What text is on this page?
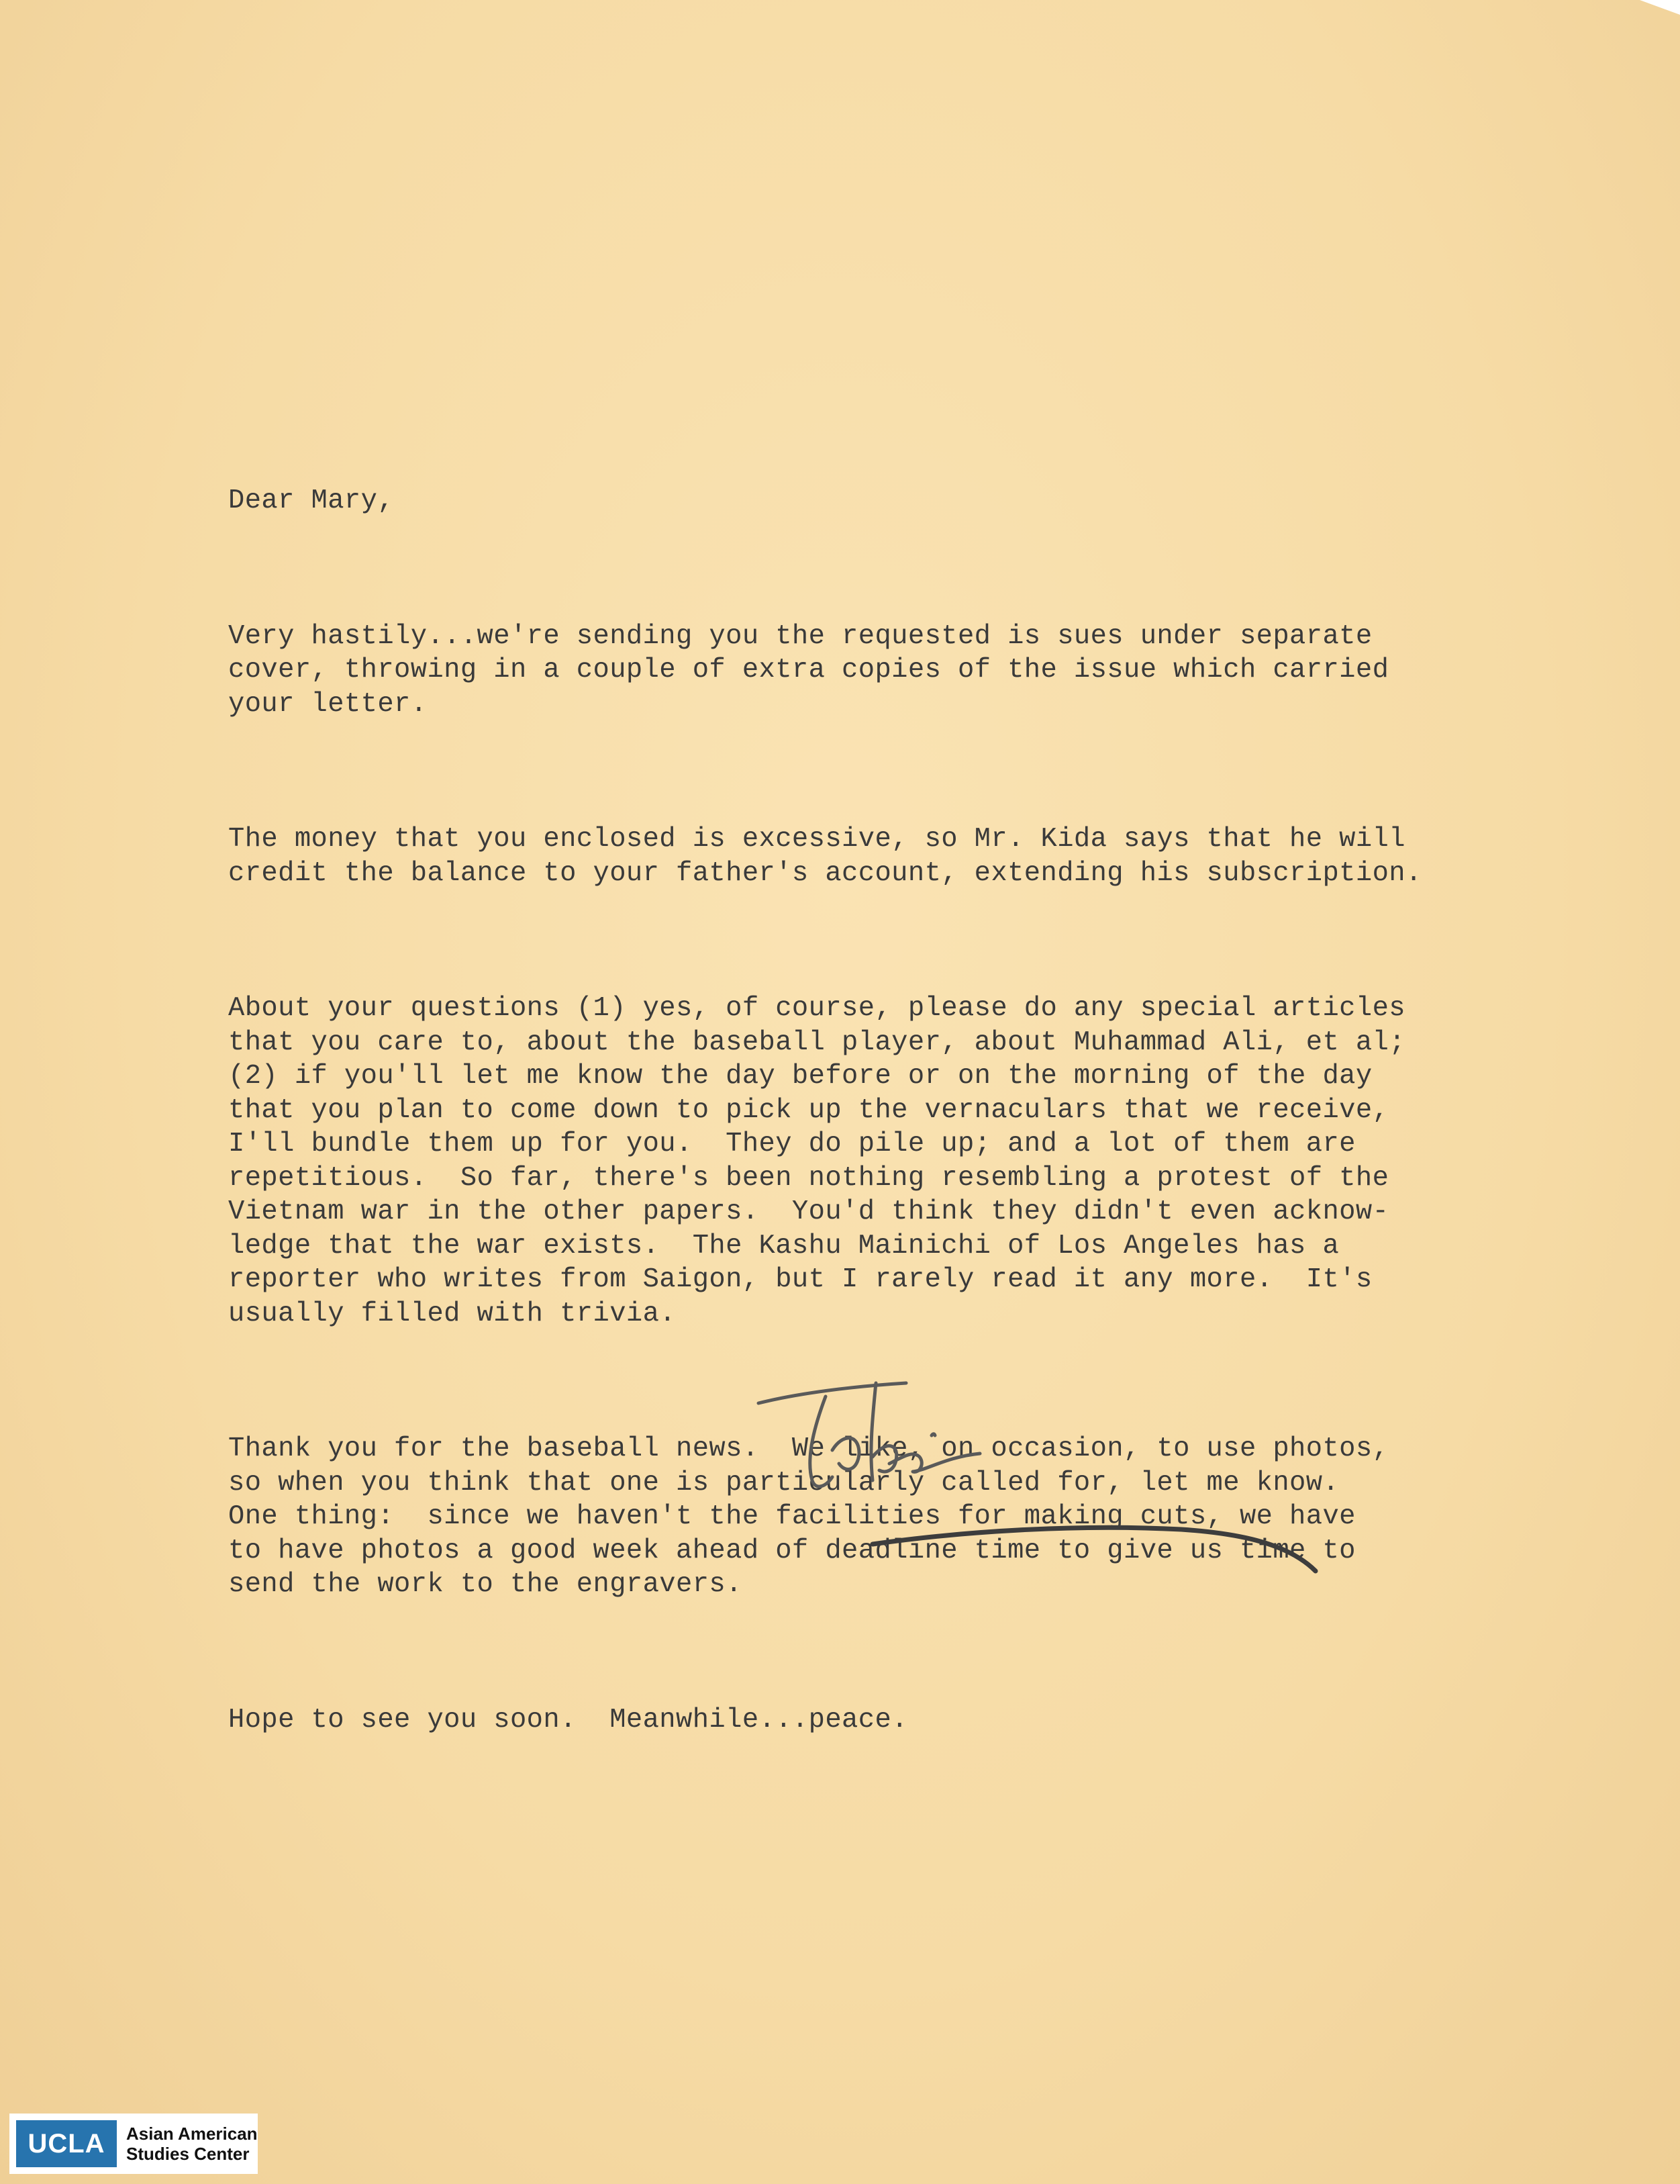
Dear Mary,

Very hastily...we're sending you the requested is sues under separate
cover, throwing in a couple of extra copies of the issue which carried
your letter.

The money that you enclosed is excessive, so Mr. Kida says that he will
credit the balance to your father's account, extending his subscription.

About your questions (1) yes, of course, please do any special articles
that you care to, about the baseball player, about Muhammad Ali, et al;
(2) if you'll let me know the day before or on the morning of the day
that you plan to come down to pick up the vernaculars that we receive,
I'll bundle them up for you.  They do pile up; and a lot of them are
repetitious.  So far, there's been nothing resembling a protest of the
Vietnam war in the other papers.  You'd think they didn't even acknow-
ledge that the war exists.  The Kashu Mainichi of Los Angeles has a
reporter who writes from Saigon, but I rarely read it any more.  It's
usually filled with trivia.

Thank you for the baseball news.  We like, on occasion, to use photos,
so when you think that one is particularly called for, let me know.
One thing:  since we haven't the facilities for making cuts, we have
to have photos a good week ahead of deadline time to give us time to
send the work to the engravers.

Hope to see you soon.  Meanwhile...peace.

UCLA	Asian American
Studies Center
